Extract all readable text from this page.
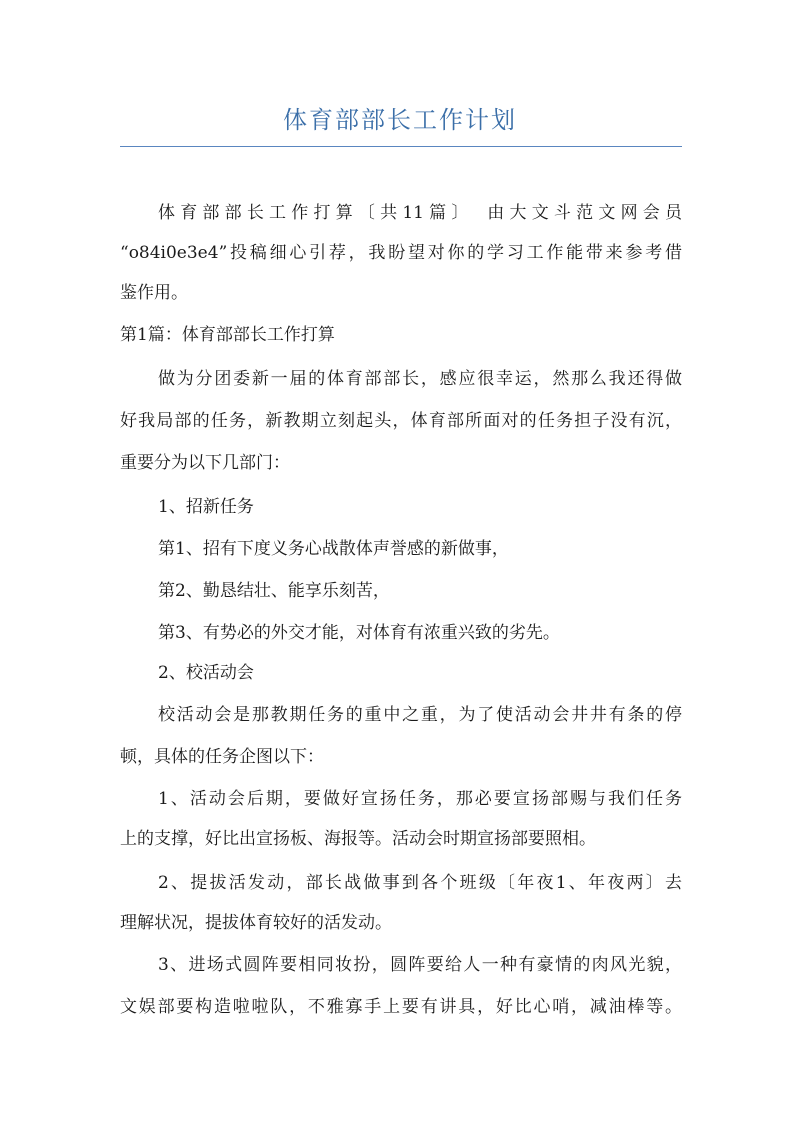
体育部部长工作计划
体育部部长工作打算〔共11篇〕　由大文斗范文网会员
“o84i0e3e4”投稿细心引荐，我盼望对你的学习工作能带来参考借
鉴作用。
第1篇：体育部部长工作打算
做为分团委新一届的体育部部长，感应很幸运，然那么我还得做
好我局部的任务，新教期立刻起头，体育部所面对的任务担子没有沉，
重要分为以下几部门：
1、招新任务
第1、招有下度义务心战散体声誉感的新做事，
第2、勤恳结壮、能享乐刻苦，
第3、有势必的外交才能，对体育有浓重兴致的劣先。
2、校活动会
校活动会是那教期任务的重中之重，为了使活动会井井有条的停
顿，具体的任务企图以下：
1、活动会后期，要做好宣扬任务，那必要宣扬部赐与我们任务
上的支撑，好比出宣扬板、海报等。活动会时期宣扬部要照相。
2、提拔活发动，部长战做事到各个班级〔年夜1、年夜两〕去
理解状况，提拔体育较好的活发动。
3、进场式圆阵要相同妆扮，圆阵要给人一种有豪情的肉风光貌，
文娱部要构造啦啦队，不雅寡手上要有讲具，好比心哨，减油棒等。
